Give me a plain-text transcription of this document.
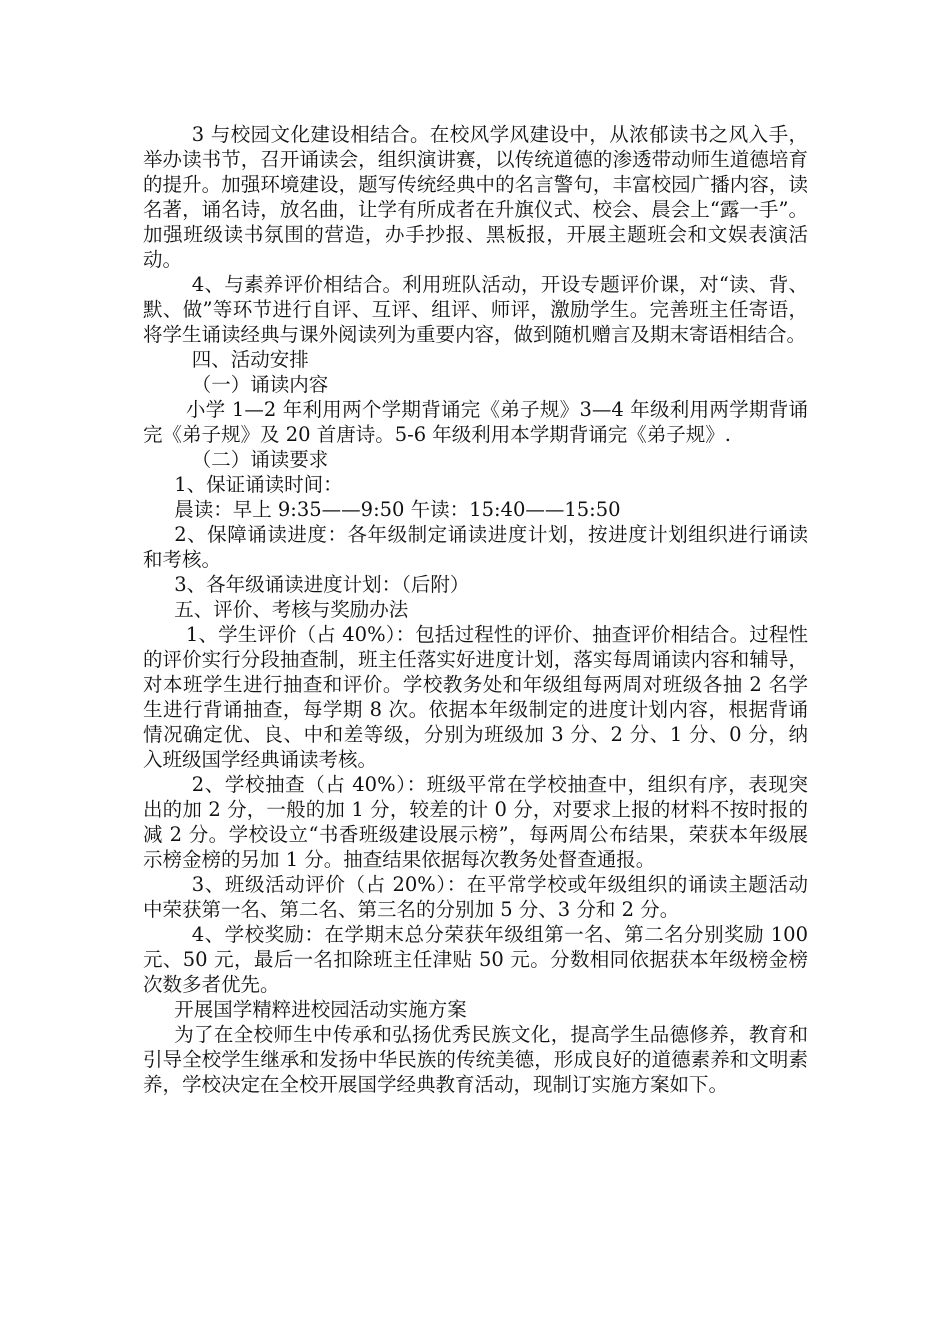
3 与校园文化建设相结合。在校风学风建设中，从浓郁读书之风入手，举办读书节，召开诵读会，组织演讲赛，以传统道德的渗透带动师生道德培育的提升。加强环境建设，题写传统经典中的名言警句，丰富校园广播内容，读名著，诵名诗，放名曲，让学有所成者在升旗仪式、校会、晨会上“露一手”。加强班级读书氛围的营造，办手抄报、黑板报，开展主题班会和文娱表演活动。

4、与素养评价相结合。利用班队活动，开设专题评价课，对“读、背、默、做”等环节进行自评、互评、组评、师评，激励学生。完善班主任寄语，将学生诵读经典与课外阅读列为重要内容，做到随机赠言及期末寄语相结合。

四、活动安排

（一）诵读内容

小学 1—2 年利用两个学期背诵完《弟子规》3—4 年级利用两学期背诵完《弟子规》及 20 首唐诗。5-6 年级利用本学期背诵完《弟子规》.

（二）诵读要求

1、保证诵读时间：

晨读：早上 9:35——9:50 午读：15:40——15:50

2、保障诵读进度：各年级制定诵读进度计划，按进度计划组织进行诵读和考核。

3、各年级诵读进度计划：（后附）

五、评价、考核与奖励办法

1、学生评价（占 40%）：包括过程性的评价、抽查评价相结合。过程性的评价实行分段抽查制，班主任落实好进度计划，落实每周诵读内容和辅导，对本班学生进行抽查和评价。学校教务处和年级组每两周对班级各抽 2 名学生进行背诵抽查，每学期 8 次。依据本年级制定的进度计划内容，根据背诵情况确定优、良、中和差等级，分别为班级加 3 分、2 分、1 分、0 分，纳入班级国学经典诵读考核。

2、学校抽查（占 40%）：班级平常在学校抽查中，组织有序，表现突出的加 2 分，一般的加 1 分，较差的计 0 分，对要求上报的材料不按时报的减 2 分。学校设立“书香班级建设展示榜”，每两周公布结果，荣获本年级展示榜金榜的另加 1 分。抽查结果依据每次教务处督查通报。

3、班级活动评价（占 20%）：在平常学校或年级组织的诵读主题活动中荣获第一名、第二名、第三名的分别加 5 分、3 分和 2 分。

4、学校奖励：在学期末总分荣获年级组第一名、第二名分别奖励 100 元、50 元，最后一名扣除班主任津贴 50 元。分数相同依据获本年级榜金榜次数多者优先。

开展国学精粹进校园活动实施方案

为了在全校师生中传承和弘扬优秀民族文化，提高学生品德修养，教育和引导全校学生继承和发扬中华民族的传统美德，形成良好的道德素养和文明素养，学校决定在全校开展国学经典教育活动，现制订实施方案如下。
